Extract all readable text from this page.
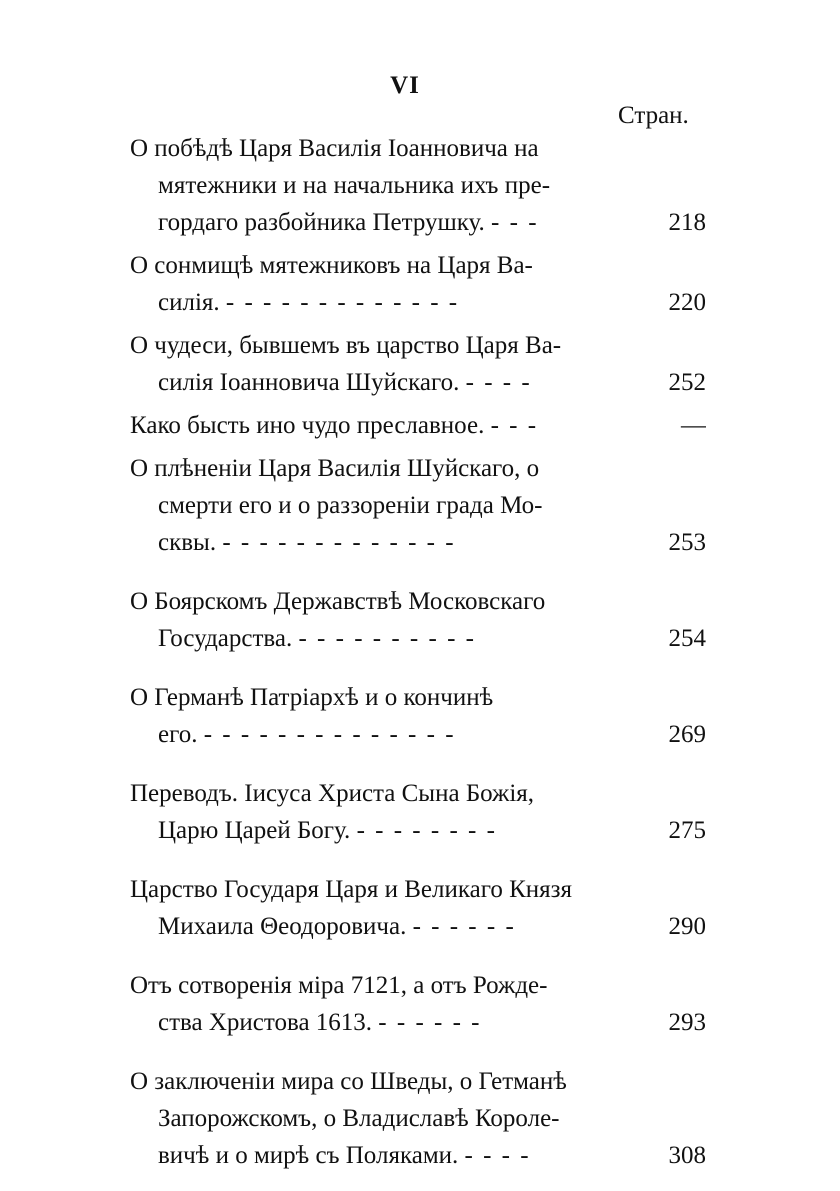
VI
Стран.
О побѣдѣ Царя Василія Іоанновича на
мятежники и на начальника ихъ пре-
гордаго разбойника Петрушку. - - -	218
О сонмищѣ мятежниковъ на Царя Ва-
силія. - - - - - - - - - - - - -	220
О чудеси, бывшемъ въ царство Царя Ва-
силія Іоанновича Шуйскаго. - - - -	252
Како бысть ино чудо преславное. - - -	—
О плѣненіи Царя Василія Шуйскаго, о
смерти его и о раззореніи града Мо-
сквы. - - - - - - - - - - - - -	253
О Боярскомъ Державствѣ Московскаго
Государства. - - - - - - - - - -	254
О Германѣ Патріархѣ и о кончинѣ
его. - - - - - - - - - - - - - -	269
Переводъ. Іисуса Христа Сына Божія,
Царю Царей Богу. - - - - - - - -	275
Царство Государя Царя и Великаго Князя
Михаила Θеодоровича. - - - - - -	290
Отъ сотворенія міра 7121, а отъ Рожде-
ства Христова 1613. - - - - - -	293
О заключеніи мира со Шведы, о Гетманѣ
Запорожскомъ, о Владиславѣ Короле-
вичѣ и о мирѣ съ Поляками. - - - -	308
